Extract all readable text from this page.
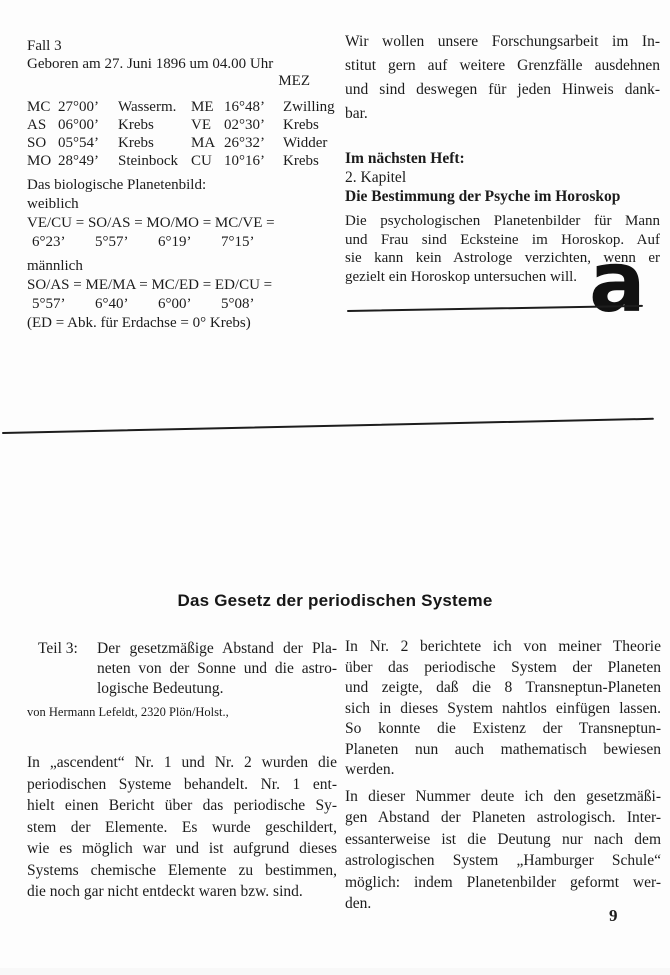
Fall 3
Geboren am 27. Juni 1896 um 04.00 Uhr
MEZ
MC 27°00’	Wasserm. ME 16°48’	Zwilling
AS 06°00’	Krebs	VE 02°30’	Krebs
SO 05°54’	Krebs	MA 26°32’	Widder
MO 28°49’	Steinbock CU 10°16’	Krebs
Das biologische Planetenbild:
weiblich
VE/CU = SO/AS = MO/MO = MC/VE =
6°23’ 5°57’ 6°19’ 7°15’
männlich
SO/AS = ME/MA = MC/ED = ED/CU =
5°57’ 6°40’ 6°00’ 5°08’
(ED = Abk. für Erdachse = 0° Krebs)
Wir wollen unsere Forschungsarbeit im In-
stitut gern auf weitere Grenzfälle ausdehnen
und sind deswegen für jeden Hinweis dank-
bar.
Im nächsten Heft:
2. Kapitel
Die Bestimmung der Psyche im Horoskop
Die psychologischen Planetenbilder für Mann
und Frau sind Ecksteine im Horoskop. Auf
sie kann kein Astrologe verzichten, wenn er
gezielt ein Horoskop untersuchen will. a
Das Gesetz der periodischen Systeme
Teil 3:	Der gesetzmäßige Abstand der Pla-
neten von der Sonne und die astro-
logische Bedeutung.
von Hermann Lefeldt, 2320 Plön/Holst.,
In „ascendent“ Nr. 1 und Nr. 2 wurden die
periodischen Systeme behandelt. Nr. 1 ent-
hielt einen Bericht über das periodische Sy-
stem der Elemente. Es wurde geschildert,
wie es möglich war und ist aufgrund dieses
Systems chemische Elemente zu bestimmen,
die noch gar nicht entdeckt waren bzw. sind.
In Nr. 2 berichtete ich von meiner Theorie
über das periodische System der Planeten
und zeigte, daß die 8 Transneptun-Planeten
sich in dieses System nahtlos einfügen lassen.
So konnte die Existenz der Transneptun-
Planeten nun auch mathematisch bewiesen
werden.
In dieser Nummer deute ich den gesetzmäßi-
gen Abstand der Planeten astrologisch. Inter-
essanterweise ist die Deutung nur nach dem
astrologischen System „Hamburger Schule“
möglich: indem Planetenbilder geformt wer-
den.
9
